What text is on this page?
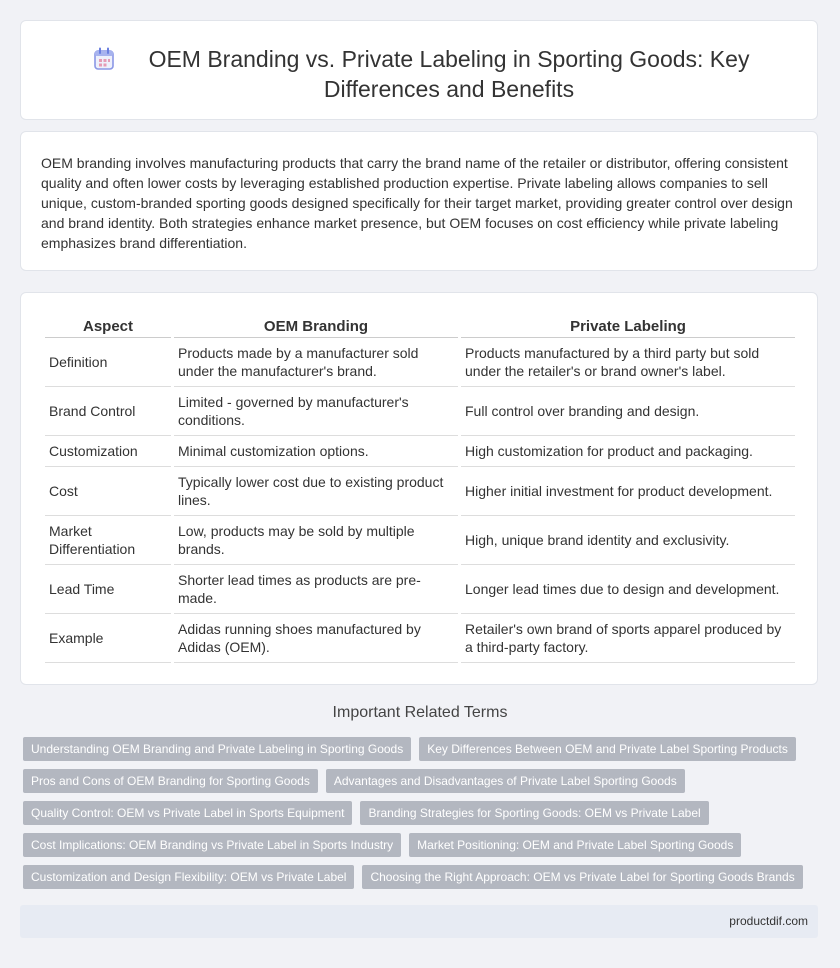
OEM Branding vs. Private Labeling in Sporting Goods: Key Differences and Benefits

OEM branding involves manufacturing products that carry the brand name of the retailer or distributor, offering consistent quality and often lower costs by leveraging established production expertise. Private labeling allows companies to sell unique, custom-branded sporting goods designed specifically for their target market, providing greater control over design and brand identity. Both strategies enhance market presence, but OEM focuses on cost efficiency while private labeling emphasizes brand differentiation.

Aspect	OEM Branding	Private Labeling
Definition	Products made by a manufacturer sold under the manufacturer's brand.	Products manufactured by a third party but sold under the retailer's or brand owner's label.
Brand Control	Limited - governed by manufacturer's conditions.	Full control over branding and design.
Customization	Minimal customization options.	High customization for product and packaging.
Cost	Typically lower cost due to existing product lines.	Higher initial investment for product development.
Market Differentiation	Low, products may be sold by multiple brands.	High, unique brand identity and exclusivity.
Lead Time	Shorter lead times as products are pre-made.	Longer lead times due to design and development.
Example	Adidas running shoes manufactured by Adidas (OEM).	Retailer's own brand of sports apparel produced by a third-party factory.
Important Related Terms
Understanding OEM Branding and Private Labeling in Sporting Goods	Key Differences Between OEM and Private Label Sporting Products
Pros and Cons of OEM Branding for Sporting Goods	Advantages and Disadvantages of Private Label Sporting Goods
Quality Control: OEM vs Private Label in Sports Equipment	Branding Strategies for Sporting Goods: OEM vs Private Label
Cost Implications: OEM Branding vs Private Label in Sports Industry	Market Positioning: OEM and Private Label Sporting Goods
Customization and Design Flexibility: OEM vs Private Label	Choosing the Right Approach: OEM vs Private Label for Sporting Goods Brands
productdif.com
